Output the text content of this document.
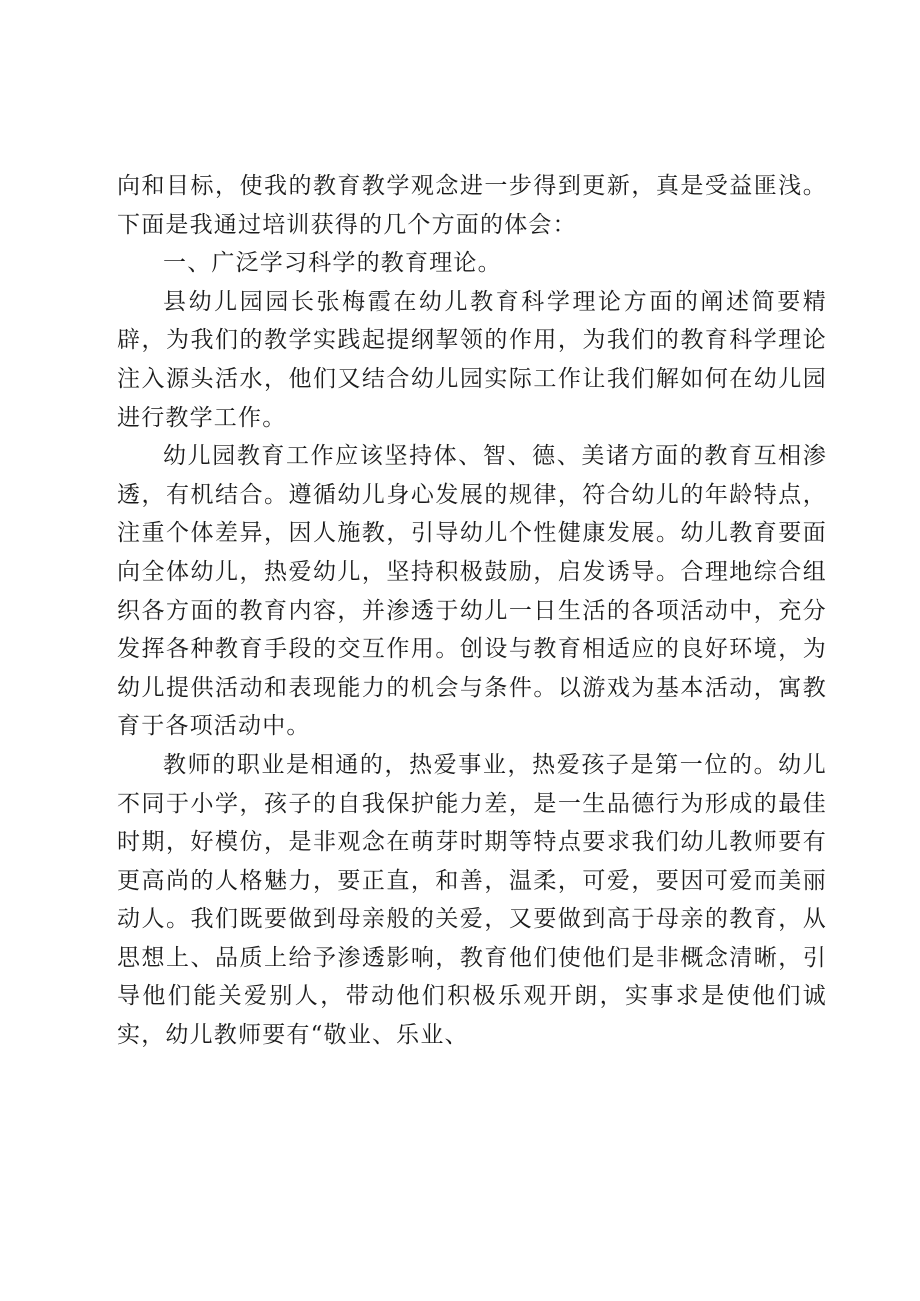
向和目标，使我的教育教学观念进一步得到更新，真是受益匪浅。下面是我通过培训获得的几个方面的体会：

一、广泛学习科学的教育理论。

县幼儿园园长张梅霞在幼儿教育科学理论方面的阐述简要精辟，为我们的教学实践起提纲挈领的作用，为我们的教育科学理论注入源头活水，他们又结合幼儿园实际工作让我们解如何在幼儿园进行教学工作。

幼儿园教育工作应该坚持体、智、德、美诸方面的教育互相渗透，有机结合。遵循幼儿身心发展的规律，符合幼儿的年龄特点，注重个体差异，因人施教，引导幼儿个性健康发展。幼儿教育要面向全体幼儿，热爱幼儿，坚持积极鼓励，启发诱导。合理地综合组织各方面的教育内容，并渗透于幼儿一日生活的各项活动中，充分发挥各种教育手段的交互作用。创设与教育相适应的良好环境，为幼儿提供活动和表现能力的机会与条件。以游戏为基本活动，寓教育于各项活动中。

教师的职业是相通的，热爱事业，热爱孩子是第一位的。幼儿不同于小学，孩子的自我保护能力差，是一生品德行为形成的最佳时期，好模仿，是非观念在萌芽时期等特点要求我们幼儿教师要有更高尚的人格魅力，要正直，和善，温柔，可爱，要因可爱而美丽动人。我们既要做到母亲般的关爱，又要做到高于母亲的教育，从思想上、品质上给予渗透影响，教育他们使他们是非概念清晰，引导他们能关爱别人，带动他们积极乐观开朗，实事求是使他们诚实，幼儿教师要有“敬业、乐业、
